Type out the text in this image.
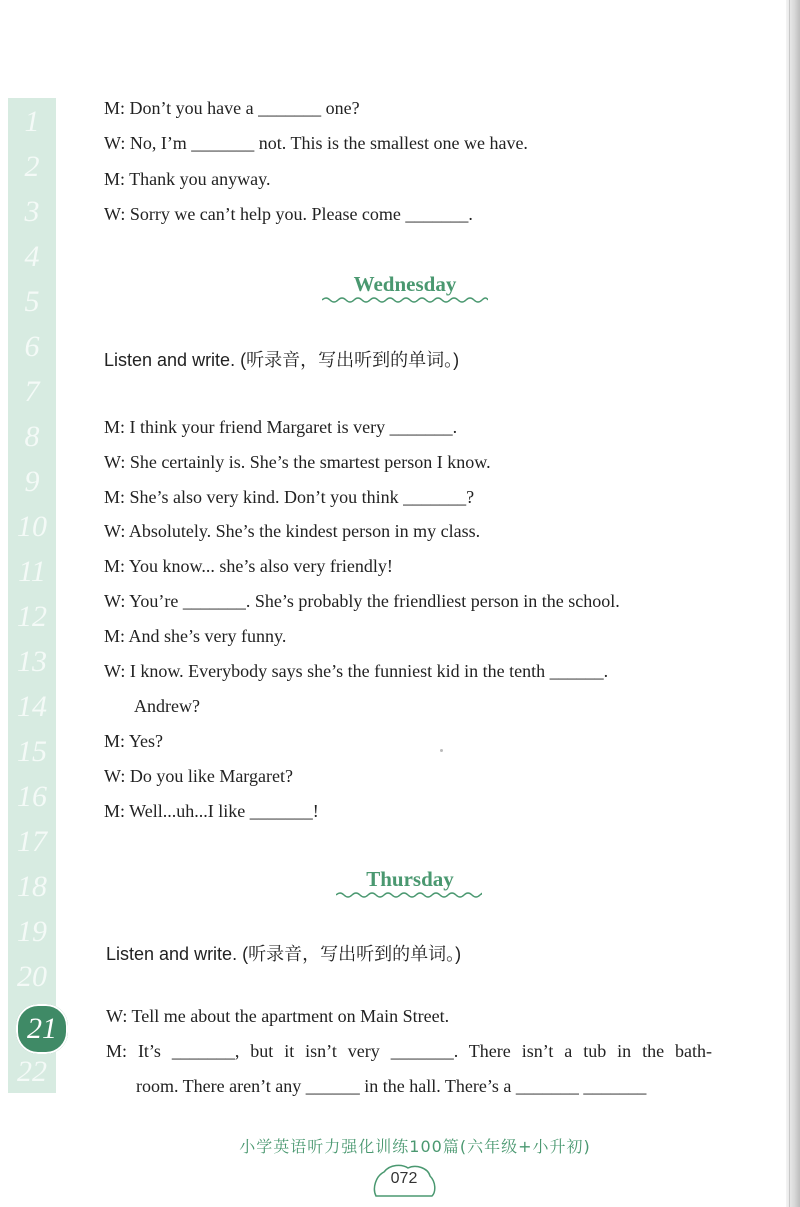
1
2
3
4
5
6
7
8
9
10
11
12
13
14
15
16
17
18
19
20
21
22
M: Don’t you have a _______ one?
W: No, I’m _______ not. This is the smallest one we have.
M: Thank you anyway.
W: Sorry we can’t help you. Please come _______.
Wednesday
Listen and write. (听录音，写出听到的单词。)
M: I think your friend Margaret is very _______.
W: She certainly is. She’s the smartest person I know.
M: She’s also very kind. Don’t you think _______?
W: Absolutely. She’s the kindest person in my class.
M: You know... she’s also very friendly!
W: You’re _______. She’s probably the friendliest person in the school.
M: And she’s very funny.
W: I know. Everybody says she’s the funniest kid in the tenth ______.
Andrew?
M: Yes?
W: Do you like Margaret?
M: Well...uh...I like _______!
Thursday
Listen and write. (听录音，写出听到的单词。)
W: Tell me about the apartment on Main Street.
M: It’s _______, but it isn’t very _______. There isn’t a tub in the bath-
room. There aren’t any ______ in the hall. There’s a _______ _______
小学英语听力强化训练100篇(六年级+小升初)
072
